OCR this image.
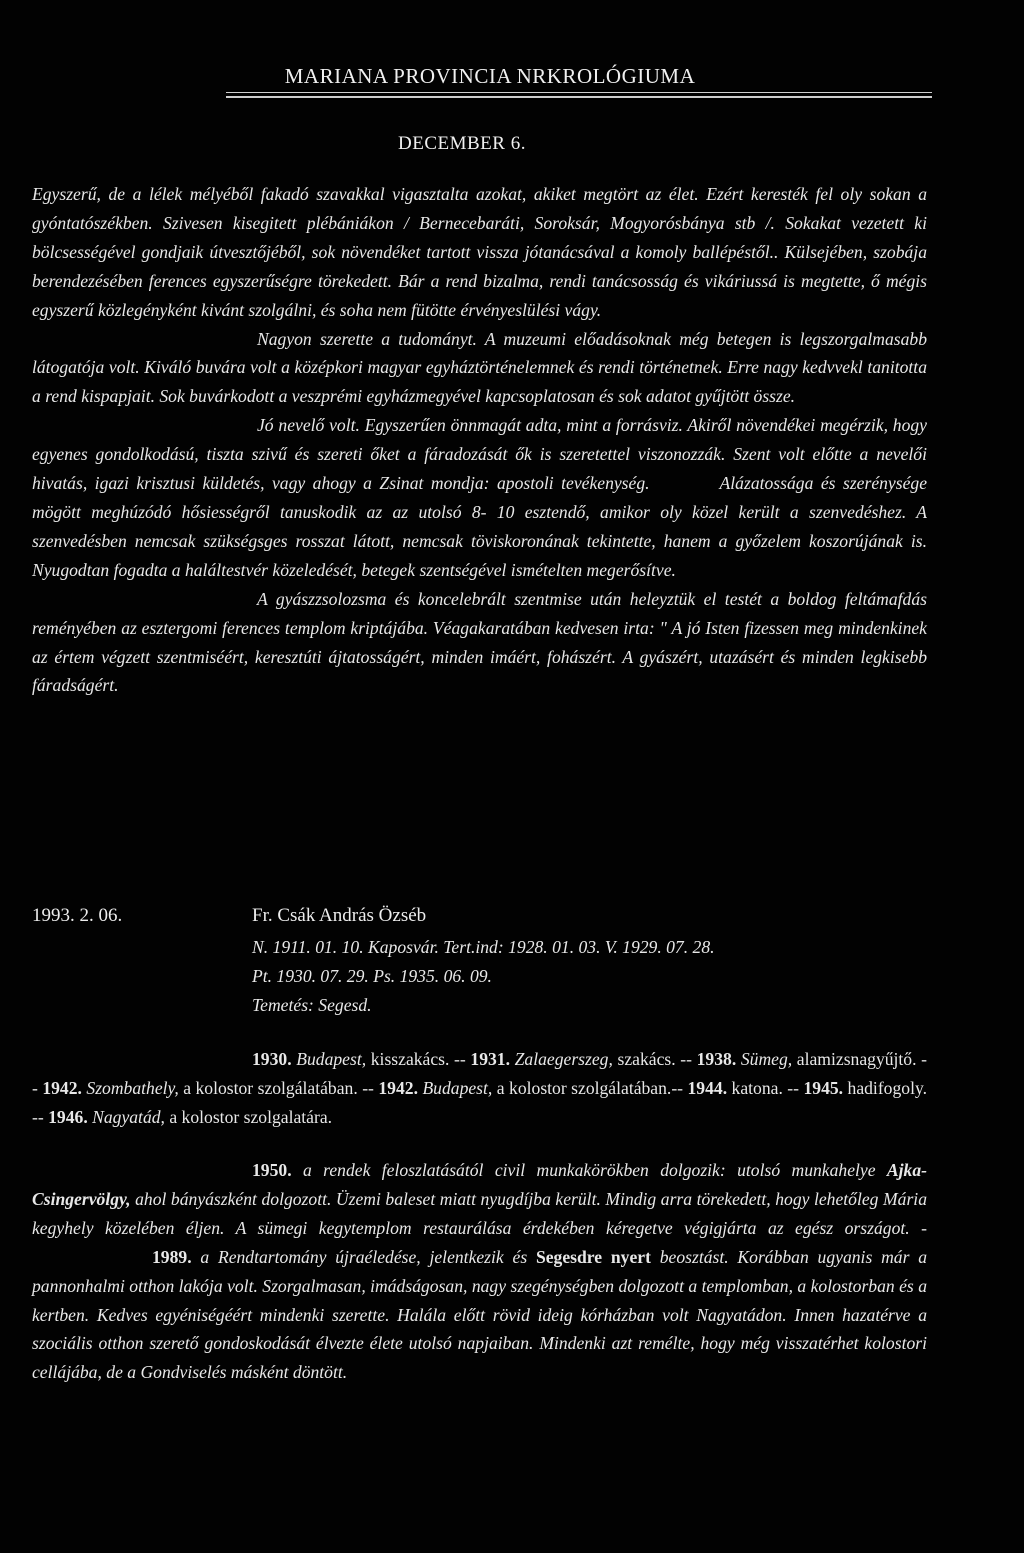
MARIANA PROVINCIA NRKROLÓGIUMA
DECEMBER 6.

Egyszerű, de a lélek mélyéből fakadó szavakkal vigasztalta azokat, akiket megtört az élet. Ezért keresték fel oly sokan a gyóntatószékben. Szivesen kisegitett plébániákon / Bernecebaráti, Soroksár, Mogyorósbánya stb /. Sokakat vezetett ki bölcsességével gondjaik útvesztőjéből, sok növendéket tartott vissza jótanácsával a komoly ballépéstől.. Külsejében, szobája berendezésében ferences egyszerűségre törekedett. Bár a rend bizalma, rendi tanácsosság és vikáriussá is megtette, ő mégis egyszerű közlegényként kivánt szolgálni, és soha nem fütötte érvényeslülési vágy.

Nagyon szerette a tudományt. A muzeumi előadásoknak még betegen is legszorgalmasabb látogatója volt. Kiváló buvára volt a középkori magyar egyháztörténelemnek és rendi történetnek. Erre nagy kedvvekl tanitotta a rend kispapjait. Sok buvárkodott a veszprémi egyházmegyével kapcsoplatosan és sok adatot gyűjtött össze.

Jó nevelő volt. Egyszerűen önnmagát adta, mint a forrásviz. Akiről növendékei megérzik, hogy egyenes gondolkodású, tiszta szivű és szereti őket a fáradozását ők is szeretettel viszonozzák. Szent volt előtte a nevelői hivatás, igazi krisztusi küldetés, vagy ahogy a Zsinat mondja: apostoli tevékenység.	Alázatossága és szerénysége mögött meghúzódó hősiességről tanuskodik az az utolsó 8- 10 esztendő, amikor oly közel került a szenvedéshez. A szenvedésben nemcsak szükségsges rosszat látott, nemcsak töviskoronának tekintette, hanem a győzelem koszorújának is. Nyugodtan fogadta a haláltestvér közeledését, betegek szentségével ismételten megerősítve.

A gyászzsolozsma és koncelebrált szentmise után heleyztük el testét a boldog feltámafdás reményében az esztergomi ferences templom kriptájába. Véagakaratában kedvesen irta: " A jó Isten fizessen meg mindenkinek az értem végzett szentmiséért, keresztúti ájtatosságért, minden imáért, fohászért. A gyászért, utazásért és minden legkisebb fáradságért.

1993. 2. 06.	Fr. Csák András Özséb
N. 1911. 01. 10. Kaposvár. Tert.ind: 1928. 01. 03. V. 1929. 07. 28.
Pt. 1930. 07. 29. Ps. 1935. 06. 09.
Temetés: Segesd.

1930. Budapest, kisszakács. -- 1931. Zalaegerszeg, szakács. -- 1938. Sümeg, alamizsnagyűjtő. -- 1942. Szombathely, a kolostor szolgálatában. -- 1942. Budapest, a kolostor szolgálatában.-- 1944. katona. -- 1945. hadifogoly. -- 1946. Nagyatád, a kolostor szolgalatára.

1950. a rendek feloszlatásától civil munkakörökben dolgozik: utolsó munkahelye Ajka-Csingervölgy, ahol bányászként dolgozott. Üzemi baleset miatt nyugdíjba került. Mindig arra törekedett, hogy lehetőleg Mária kegyhely közelében éljen. A sümegi kegytemplom restaurálása érdekében kéregetve végigjárta az egész országot. -1989. a Rendtartomány újraéledése, jelentkezik és Segesdre nyert beosztást. Korábban ugyanis már a pannonhalmi otthon lakója volt. Szorgalmasan, imádságosan, nagy szegénységben dolgozott a templomban, a kolostorban és a kertben. Kedves egyéniségéért mindenki szerette. Halála előtt rövid ideig kórházban volt Nagyatádon. Innen hazatérve a szociális otthon szerető gondoskodását élvezte élete utolsó napjaiban. Mindenki azt remélte, hogy még visszatérhet kolostori cellájába, de a Gondviselés másként döntött.
